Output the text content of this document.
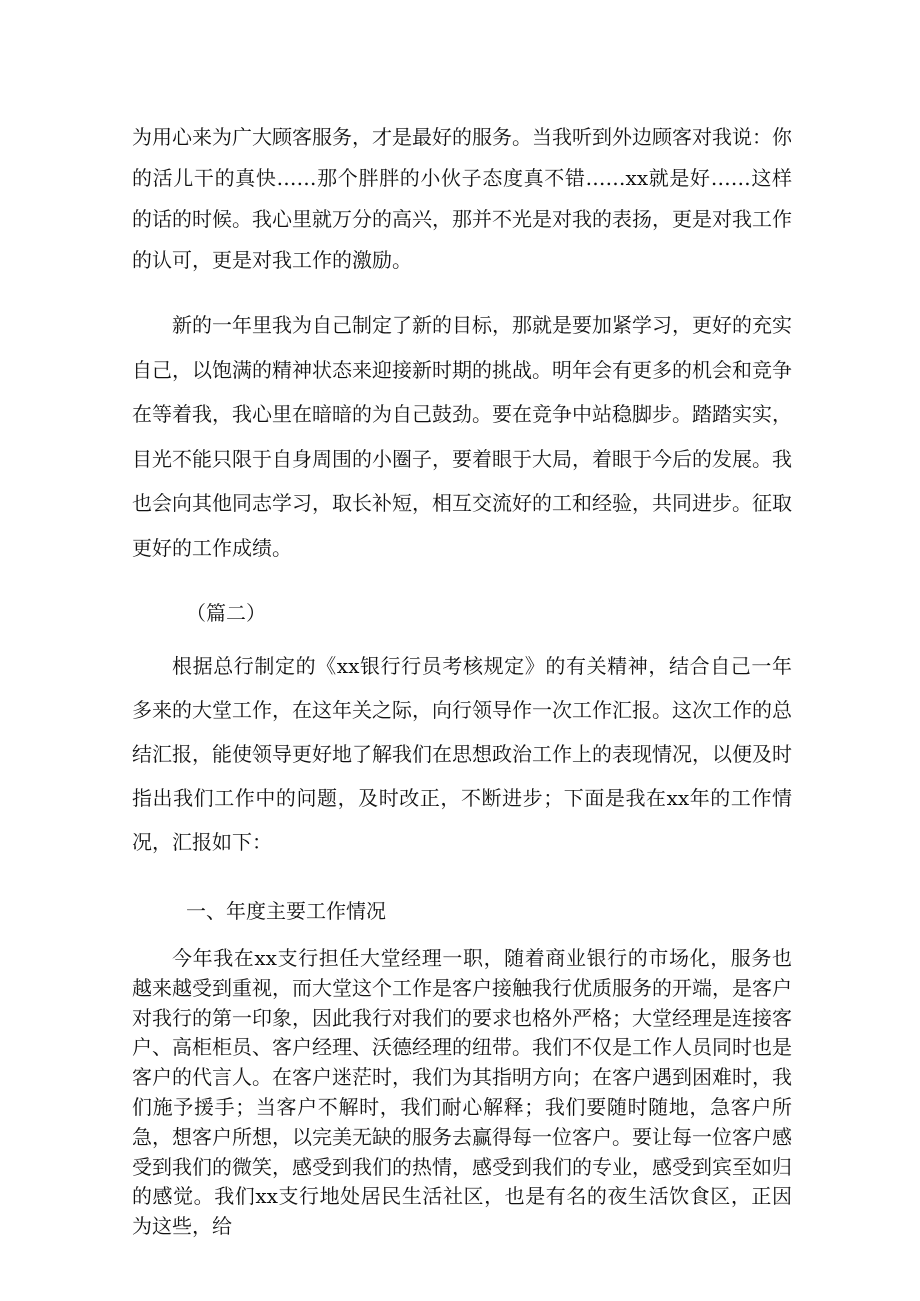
为用心来为广大顾客服务，才是最好的服务。当我听到外边顾客对我说：你的活儿干的真快……那个胖胖的小伙子态度真不错……xx就是好……这样的话的时候。我心里就万分的高兴，那并不光是对我的表扬，更是对我工作的认可，更是对我工作的激励。

新的一年里我为自己制定了新的目标，那就是要加紧学习，更好的充实自己，以饱满的精神状态来迎接新时期的挑战。明年会有更多的机会和竞争在等着我，我心里在暗暗的为自己鼓劲。要在竞争中站稳脚步。踏踏实实，目光不能只限于自身周围的小圈子，要着眼于大局，着眼于今后的发展。我也会向其他同志学习，取长补短，相互交流好的工和经验，共同进步。征取更好的工作成绩。

（篇二）

根据总行制定的《xx银行行员考核规定》的有关精神，结合自己一年多来的大堂工作，在这年关之际，向行领导作一次工作汇报。这次工作的总结汇报，能使领导更好地了解我们在思想政治工作上的表现情况，以便及时指出我们工作中的问题，及时改正，不断进步；下面是我在xx年的工作情况，汇报如下：

一、年度主要工作情况

今年我在xx支行担任大堂经理一职，随着商业银行的市场化，服务也越来越受到重视，而大堂这个工作是客户接触我行优质服务的开端，是客户对我行的第一印象，因此我行对我们的要求也格外严格；大堂经理是连接客户、高柜柜员、客户经理、沃德经理的纽带。我们不仅是工作人员同时也是客户的代言人。在客户迷茫时，我们为其指明方向；在客户遇到困难时，我们施予援手；当客户不解时，我们耐心解释；我们要随时随地，急客户所急，想客户所想，以完美无缺的服务去赢得每一位客户。要让每一位客户感受到我们的微笑，感受到我们的热情，感受到我们的专业，感受到宾至如归的感觉。我们xx支行地处居民生活社区，也是有名的夜生活饮食区，正因为这些，给
